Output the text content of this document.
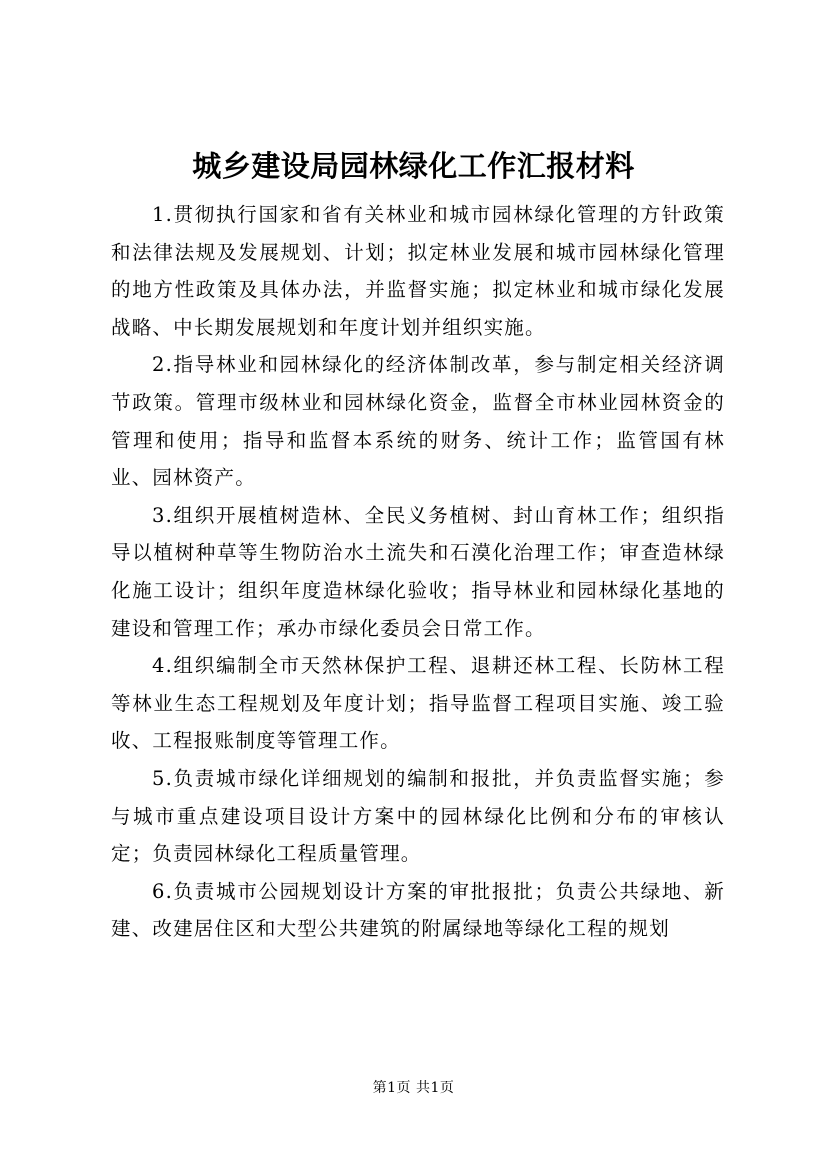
城乡建设局园林绿化工作汇报材料

1.贯彻执行国家和省有关林业和城市园林绿化管理的方针政策和法律法规及发展规划、计划；拟定林业发展和城市园林绿化管理的地方性政策及具体办法，并监督实施；拟定林业和城市绿化发展战略、中长期发展规划和年度计划并组织实施。

2.指导林业和园林绿化的经济体制改革，参与制定相关经济调节政策。管理市级林业和园林绿化资金，监督全市林业园林资金的管理和使用；指导和监督本系统的财务、统计工作；监管国有林业、园林资产。

3.组织开展植树造林、全民义务植树、封山育林工作；组织指导以植树种草等生物防治水土流失和石漠化治理工作；审查造林绿化施工设计；组织年度造林绿化验收；指导林业和园林绿化基地的建设和管理工作；承办市绿化委员会日常工作。

4.组织编制全市天然林保护工程、退耕还林工程、长防林工程等林业生态工程规划及年度计划；指导监督工程项目实施、竣工验收、工程报账制度等管理工作。

5.负责城市绿化详细规划的编制和报批，并负责监督实施；参与城市重点建设项目设计方案中的园林绿化比例和分布的审核认定；负责园林绿化工程质量管理。

6.负责城市公园规划设计方案的审批报批；负责公共绿地、新建、改建居住区和大型公共建筑的附属绿地等绿化工程的规划

第1页 共1页
